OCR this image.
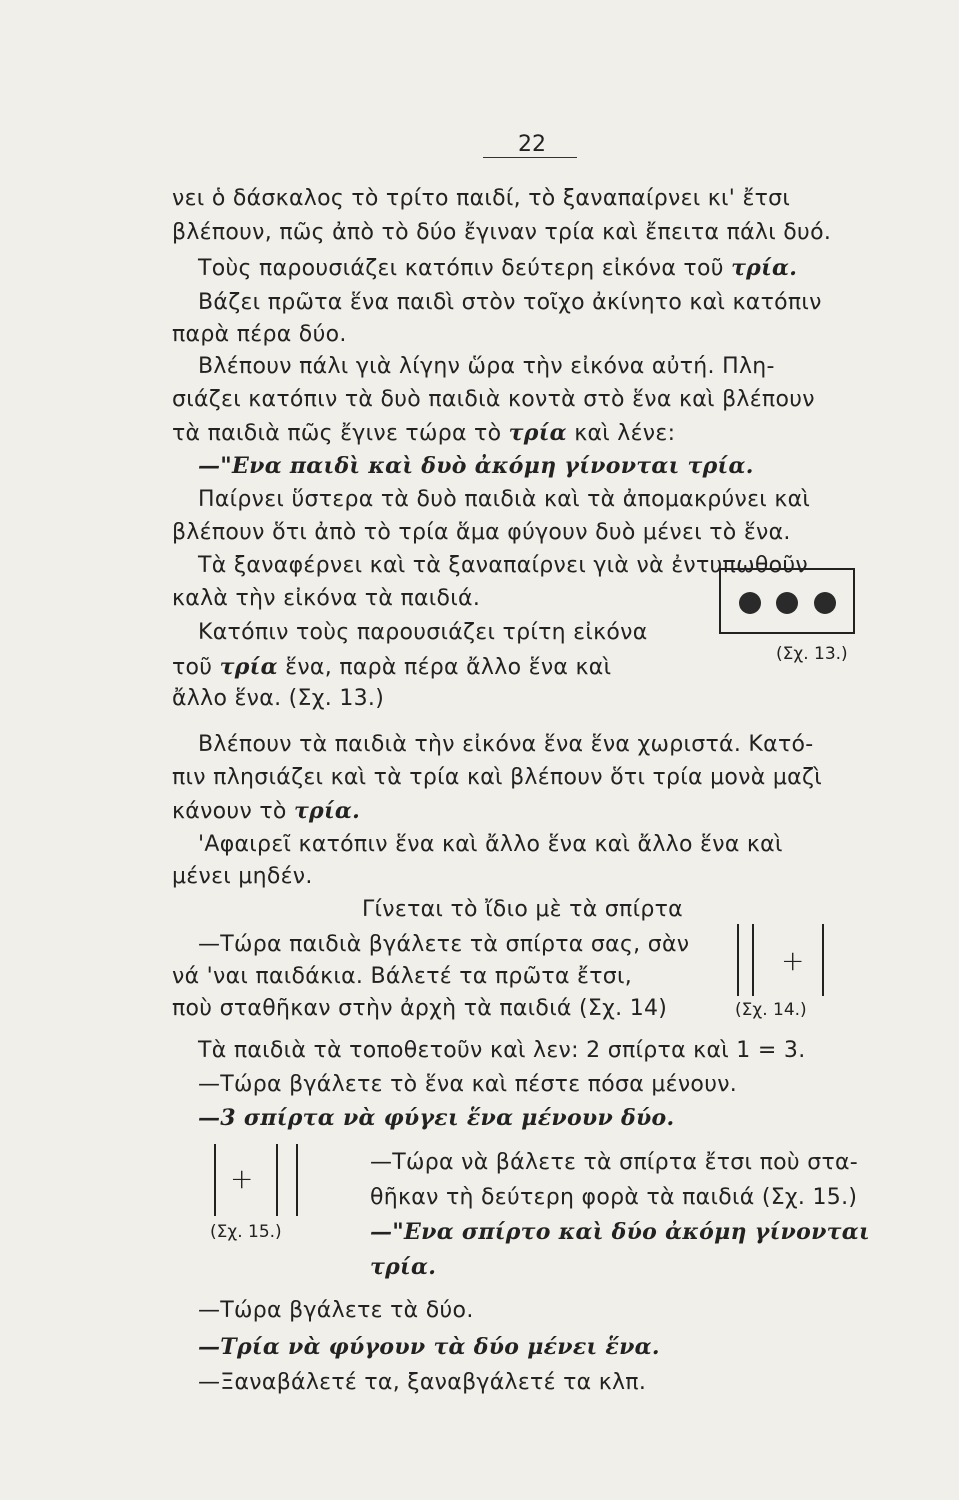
22
νει ὁ δάσκαλος τὸ τρίτο παιδί, τὸ ξαναπαίρνει κι' ἔτσι
βλέπουν, πῶς ἀπὸ τὸ δύο ἔγιναν τρία καὶ ἔπειτα πάλι δυό.
Τοὺς παρουσιάζει κατόπιν δεύτερη εἰκόνα τοῦ τρία.
Βάζει πρῶτα ἕνα παιδὶ στὸν τοῖχο ἀκίνητο καὶ κατόπιν
παρὰ πέρα δύο.
Βλέπουν πάλι γιὰ λίγην ὥρα τὴν εἰκόνα αὐτή. Πλη-
σιάζει κατόπιν τὰ δυὸ παιδιὰ κοντὰ στὸ ἕνα καὶ βλέπουν
τὰ παιδιὰ πῶς ἔγινε τώρα τὸ τρία καὶ λένε:
—"Ενα παιδὶ καὶ δυὸ ἀκόμη γίνονται τρία.
Παίρνει ὕστερα τὰ δυὸ παιδιὰ καὶ τὰ ἀπομακρύνει καὶ
βλέπουν ὅτι ἀπὸ τὸ τρία ἅμα φύγουν δυὸ μένει τὸ ἕνα.
Τὰ ξαναφέρνει καὶ τὰ ξαναπαίρνει γιὰ νὰ ἐντυπωθοῦν
καλὰ τὴν εἰκόνα τὰ παιδιά.
Κατόπιν τοὺς παρουσιάζει τρίτη εἰκόνα
τοῦ τρία ἕνα, παρὰ πέρα ἄλλο ἕνα καὶ
ἄλλο ἕνα. (Σχ. 13.)
(Σχ. 13.)
Βλέπουν τὰ παιδιὰ τὴν εἰκόνα ἕνα ἕνα χωριστά. Κατό-
πιν πλησιάζει καὶ τὰ τρία καὶ βλέπουν ὅτι τρία μονὰ μαζὶ
κάνουν τὸ τρία.
'Αφαιρεῖ κατόπιν ἕνα καὶ ἄλλο ἕνα καὶ ἄλλο ἕνα καὶ
μένει μηδέν.
Γίνεται τὸ ἴδιο μὲ τὰ σπίρτα
—Τώρα παιδιὰ βγάλετε τὰ σπίρτα σας, σὰν
νά 'ναι παιδάκια. Βάλετέ τα πρῶτα ἔτσι,
ποὺ σταθῆκαν στὴν ἀρχὴ τὰ παιδιά (Σχ. 14)
+
(Σχ. 14.)
Τὰ παιδιὰ τὰ τοποθετοῦν καὶ λεν: 2 σπίρτα καὶ 1 = 3.
—Τώρα βγάλετε τὸ ἕνα καὶ πέστε πόσα μένουν.
—3 σπίρτα νὰ φύγει ἕνα μένουν δύο.
+
(Σχ. 15.)
—Τώρα νὰ βάλετε τὰ σπίρτα ἔτσι ποὺ στα-
θῆκαν τὴ δεύτερη φορὰ τὰ παιδιά (Σχ. 15.)
—"Ενα σπίρτο καὶ δύο ἀκόμη γίνονται
τρία.
—Τώρα βγάλετε τὰ δύο.
—Τρία νὰ φύγουν τὰ δύο μένει ἕνα.
—Ξαναβάλετέ τα, ξαναβγάλετέ τα κλπ.
